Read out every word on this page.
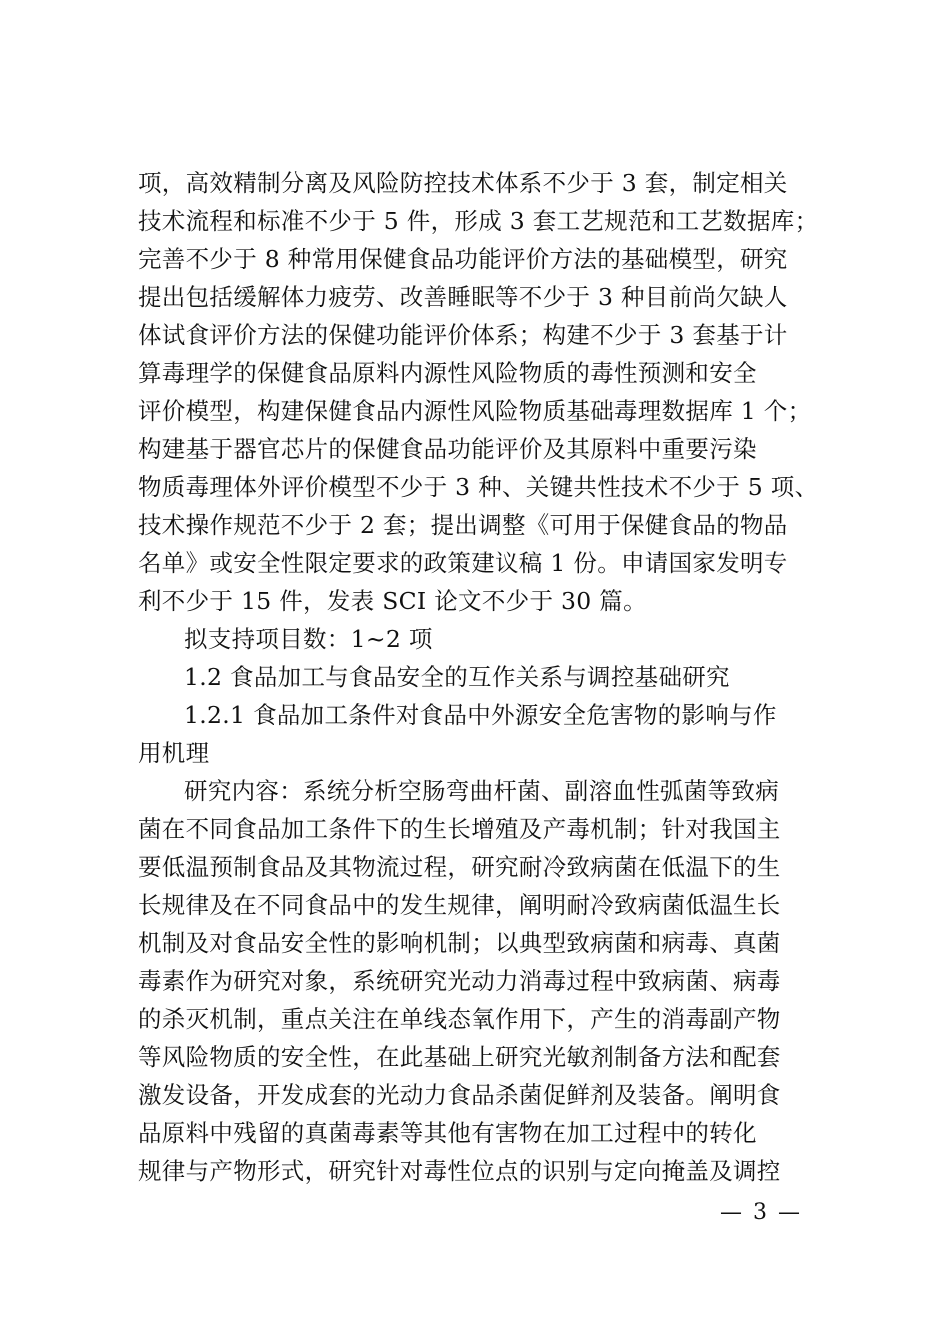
项，高效精制分离及风险防控技术体系不少于 3 套，制定相关
技术流程和标准不少于 5 件，形成 3 套工艺规范和工艺数据库；
完善不少于 8 种常用保健食品功能评价方法的基础模型，研究
提出包括缓解体力疲劳、改善睡眠等不少于 3 种目前尚欠缺人
体试食评价方法的保健功能评价体系；构建不少于 3 套基于计
算毒理学的保健食品原料内源性风险物质的毒性预测和安全
评价模型，构建保健食品内源性风险物质基础毒理数据库 1 个；
构建基于器官芯片的保健食品功能评价及其原料中重要污染
物质毒理体外评价模型不少于 3 种、关键共性技术不少于 5 项、
技术操作规范不少于 2 套；提出调整《可用于保健食品的物品
名单》或安全性限定要求的政策建议稿 1 份。申请国家发明专
利不少于 15 件，发表 SCI 论文不少于 30 篇。
拟支持项目数：1~2 项
1.2 食品加工与食品安全的互作关系与调控基础研究
1.2.1 食品加工条件对食品中外源安全危害物的影响与作
用机理
研究内容：系统分析空肠弯曲杆菌、副溶血性弧菌等致病
菌在不同食品加工条件下的生长增殖及产毒机制；针对我国主
要低温预制食品及其物流过程，研究耐冷致病菌在低温下的生
长规律及在不同食品中的发生规律，阐明耐冷致病菌低温生长
机制及对食品安全性的影响机制；以典型致病菌和病毒、真菌
毒素作为研究对象，系统研究光动力消毒过程中致病菌、病毒
的杀灭机制，重点关注在单线态氧作用下，产生的消毒副产物
等风险物质的安全性，在此基础上研究光敏剂制备方法和配套
激发设备，开发成套的光动力食品杀菌促鲜剂及装备。阐明食
品原料中残留的真菌毒素等其他有害物在加工过程中的转化
规律与产物形式，研究针对毒性位点的识别与定向掩盖及调控
— 3 —
